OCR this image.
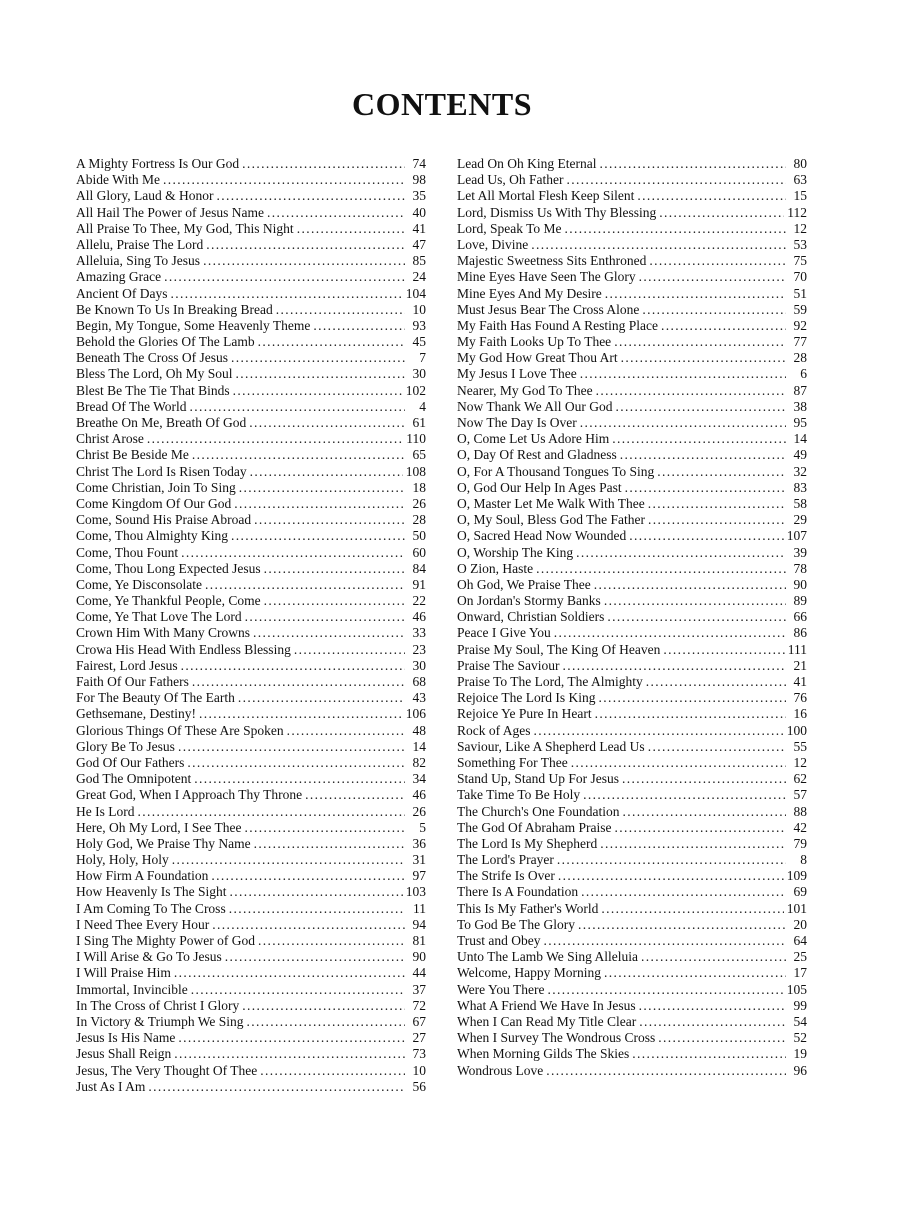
CONTENTS
A Mighty Fortress Is Our God . . .	74
Abide With Me . . .	98
All Glory, Laud & Honor . . .	35
All Hail The Power of Jesus Name . . .	40
All Praise To Thee, My God, This Night . . .	41
Allelu, Praise The Lord . . .	47
Alleluia, Sing To Jesus . . .	85
Amazing Grace . . .	24
Ancient Of Days . . .	104
Be Known To Us In Breaking Bread . . .	10
Begin, My Tongue, Some Heavenly Theme . . .	93
Behold the Glories Of The Lamb . . .	45
Beneath The Cross Of Jesus . . .	7
Bless The Lord, Oh My Soul . . .	30
Blest Be The Tie That Binds . . .	102
Bread Of The World . . .	4
Breathe On Me, Breath Of God . . .	61
Christ Arose . . .	110
Christ Be Beside Me . . .	65
Christ The Lord Is Risen Today . . .	108
Come Christian, Join To Sing . . .	18
Come Kingdom Of Our God . . .	26
Come, Sound His Praise Abroad . . .	28
Come, Thou Almighty King . . .	50
Come, Thou Fount . . .	60
Come, Thou Long Expected Jesus . . .	84
Come, Ye Disconsolate . . .	91
Come, Ye Thankful People, Come . . .	22
Come, Ye That Love The Lord . . .	46
Crown Him With Many Crowns . . .	33
Crowa His Head With Endless Blessing . . .	23
Fairest, Lord Jesus . . .	30
Faith Of Our Fathers . . .	68
For The Beauty Of The Earth . . .	43
Gethsemane, Destiny! . . .	106
Glorious Things Of These Are Spoken . . .	48
Glory Be To Jesus . . .	14
God Of Our Fathers . . .	82
God The Omnipotent . . .	34
Great God, When I Approach Thy Throne . . .	46
He Is Lord . . .	26
Here, Oh My Lord, I See Thee . . .	5
Holy God, We Praise Thy Name . . .	36
Holy, Holy, Holy . . .	31
How Firm A Foundation . . .	97
How Heavenly Is The Sight . . .	103
I Am Coming To The Cross . . .	11
I Need Thee Every Hour . . .	94
I Sing The Mighty Power of God . . .	81
I Will Arise & Go To Jesus . . .	90
I Will Praise Him . . .	44
Immortal, Invincible . . .	37
In The Cross of Christ I Glory . . .	72
In Victory & Triumph We Sing . . .	67
Jesus Is His Name . . .	27
Jesus Shall Reign . . .	73
Jesus, The Very Thought Of Thee . . .	10
Just As I Am . . .	56
Lead On Oh King Eternal . . .	80
Lead Us, Oh Father . . .	63
Let All Mortal Flesh Keep Silent . . .	15
Lord, Dismiss Us With Thy Blessing . . .	112
Lord, Speak To Me . . .	12
Love, Divine . . .	53
Majestic Sweetness Sits Enthroned . . .	75
Mine Eyes Have Seen The Glory . . .	70
Mine Eyes And My Desire . . .	51
Must Jesus Bear The Cross Alone . . .	59
My Faith Has Found A Resting Place . . .	92
My Faith Looks Up To Thee . . .	77
My God How Great Thou Art . . .	28
My Jesus I Love Thee . . .	6
Nearer, My God To Thee . . .	87
Now Thank We All Our God . . .	38
Now The Day Is Over . . .	95
O, Come Let Us Adore Him . . .	14
O, Day Of Rest and Gladness . . .	49
O, For A Thousand Tongues To Sing . . .	32
O, God Our Help In Ages Past . . .	83
O, Master Let Me Walk With Thee . . .	58
O, My Soul, Bless God The Father . . .	29
O, Sacred Head Now Wounded . . .	107
O, Worship The King . . .	39
O Zion, Haste . . .	78
Oh God, We Praise Thee . . .	90
On Jordan's Stormy Banks . . .	89
Onward, Christian Soldiers . . .	66
Peace I Give You . . .	86
Praise My Soul, The King Of Heaven . . .	111
Praise The Saviour . . .	21
Praise To The Lord, The Almighty . . .	41
Rejoice The Lord Is King . . .	76
Rejoice Ye Pure In Heart . . .	16
Rock of Ages . . .	100
Saviour, Like A Shepherd Lead Us . . .	55
Something For Thee . . .	12
Stand Up, Stand Up For Jesus . . .	62
Take Time To Be Holy . . .	57
The Church's One Foundation . . .	88
The God Of Abraham Praise . . .	42
The Lord Is My Shepherd . . .	79
The Lord's Prayer . . .	8
The Strife Is Over . . .	109
There Is A Foundation . . .	69
This Is My Father's World . . .	101
To God Be The Glory . . .	20
Trust and Obey . . .	64
Unto The Lamb We Sing Alleluia . . .	25
Welcome, Happy Morning . . .	17
Were You There . . .	105
What A Friend We Have In Jesus . . .	99
When I Can Read My Title Clear . . .	54
When I Survey The Wondrous Cross . . .	52
When Morning Gilds The Skies . . .	19
Wondrous Love . . .	96
